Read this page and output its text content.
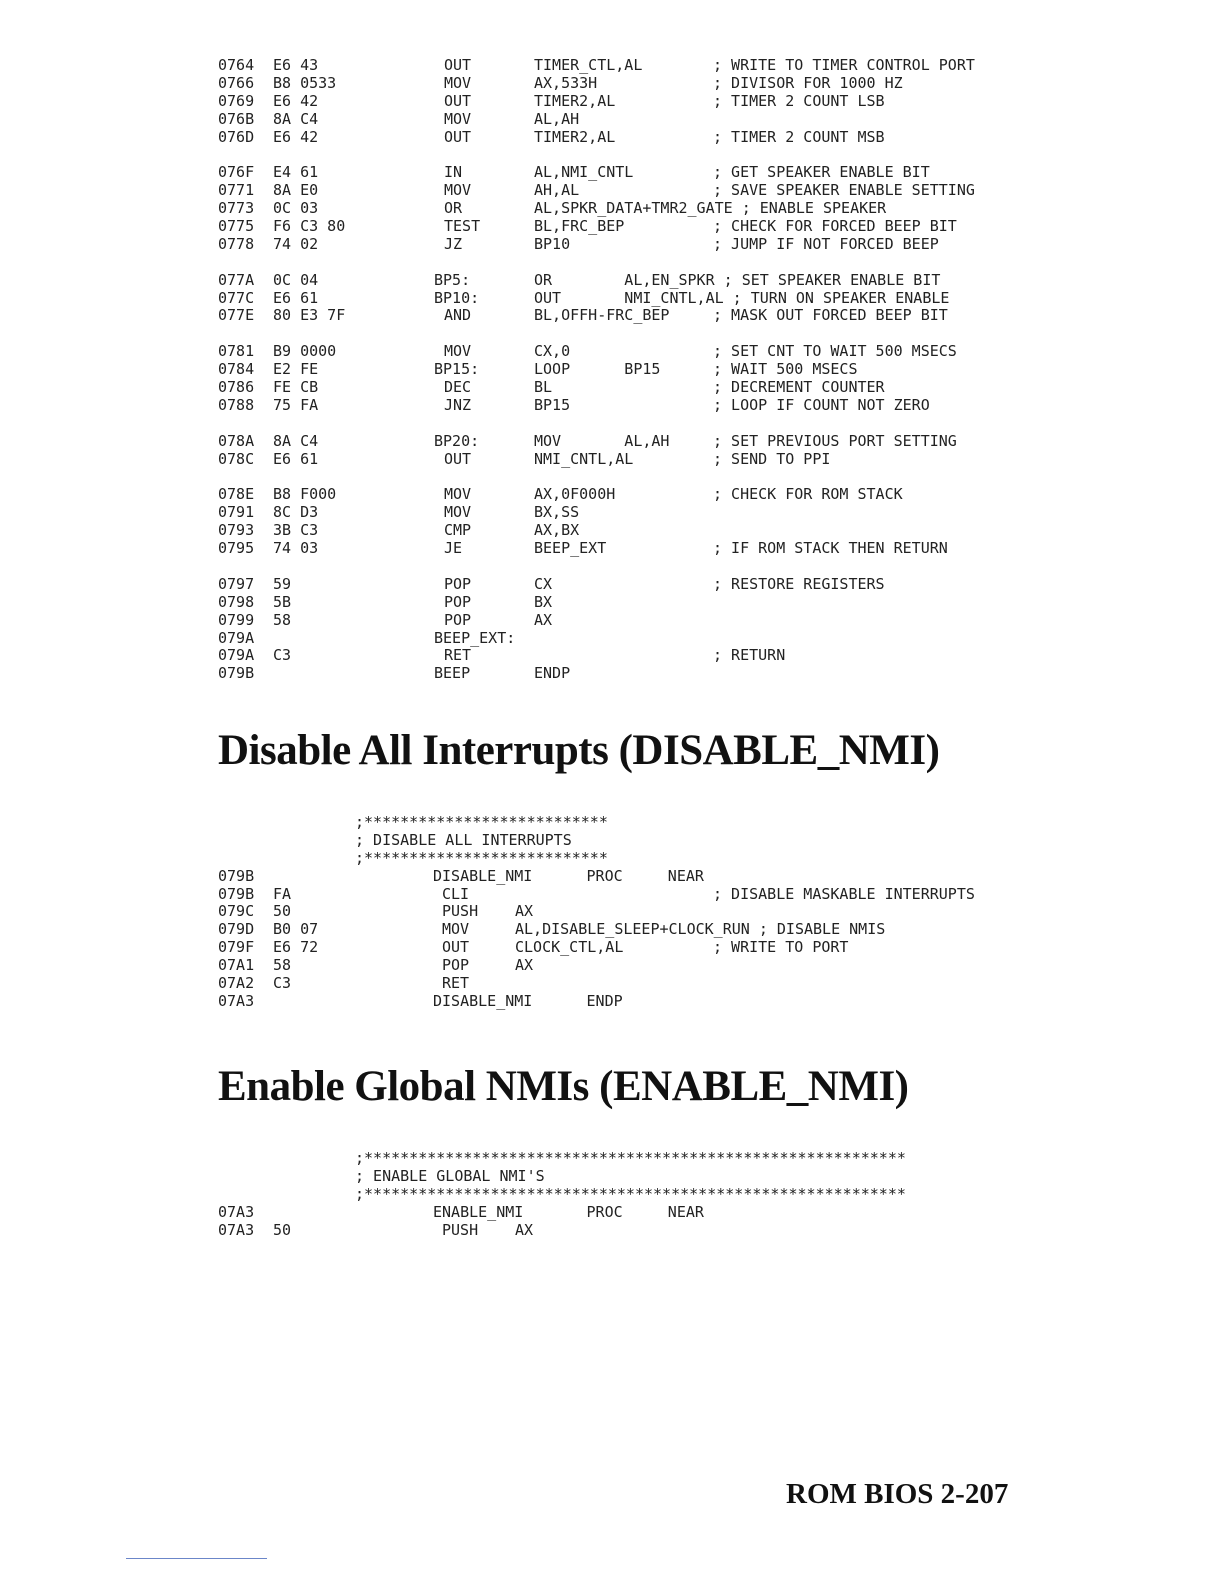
0764 E6 43	OUT	TIMER_CTL,AL	; WRITE TO TIMER CONTROL PORT
0766 B8 0533	MOV	AX,533H	; DIVISOR FOR 1000 HZ
0769 E6 42	OUT	TIMER2,AL	; TIMER 2 COUNT LSB
076B 8A C4	MOV	AL,AH
076D E6 42	OUT	TIMER2,AL	; TIMER 2 COUNT MSB
076F E4 61	IN	AL,NMI_CNTL	; GET SPEAKER ENABLE BIT
0771 8A E0	MOV	AH,AL	; SAVE SPEAKER ENABLE SETTING
0773 0C 03	OR	AL,SPKR_DATA+TMR2_GATE ; ENABLE SPEAKER
0775 F6 C3 80	TEST	BL,FRC_BEP	; CHECK FOR FORCED BEEP BIT
0778 74 02	JZ	BP10	; JUMP IF NOT FORCED BEEP
077A 0C 04	BP5:	OR        AL,EN_SPKR ; SET SPEAKER ENABLE BIT
077C E6 61	BP10:	OUT       NMI_CNTL,AL ; TURN ON SPEAKER ENABLE
077E 80 E3 7F	AND	BL,OFFH-FRC_BEP	; MASK OUT FORCED BEEP BIT
0781 B9 0000	MOV	CX,0	; SET CNT TO WAIT 500 MSECS
0784 E2 FE	BP15:	LOOP      BP15	; WAIT 500 MSECS
0786 FE CB	DEC	BL	; DECREMENT COUNTER
0788 75 FA	JNZ	BP15	; LOOP IF COUNT NOT ZERO
078A 8A C4	BP20:	MOV       AL,AH	; SET PREVIOUS PORT SETTING
078C E6 61	OUT	NMI_CNTL,AL	; SEND TO PPI
078E B8 F000	MOV	AX,0F000H	; CHECK FOR ROM STACK
0791 8C D3	MOV	BX,SS
0793 3B C3	CMP	AX,BX
0795 74 03	JE	BEEP_EXT	; IF ROM STACK THEN RETURN
0797 59	POP	CX	; RESTORE REGISTERS
0798 5B	POP	BX
0799 58	POP	AX
079A	BEEP_EXT:
079A C3	RET	; RETURN
079B	BEEP	ENDP
Disable All Interrupts (DISABLE_NMI)
;***************************
; DISABLE ALL INTERRUPTS
;***************************
079B	DISABLE_NMI      PROC     NEAR
079B FA	CLI	; DISABLE MASKABLE INTERRUPTS
079C 50	PUSH AX
079D B0 07	MOV	AL,DISABLE_SLEEP+CLOCK_RUN ; DISABLE NMIS
079F E6 72	OUT	CLOCK_CTL,AL	; WRITE TO PORT
07A1 58	POP	AX
07A2 C3	RET
07A3	DISABLE_NMI      ENDP
Enable Global NMIs (ENABLE_NMI)
;************************************************************
; ENABLE GLOBAL NMI'S
;************************************************************
07A3	ENABLE_NMI       PROC     NEAR
07A3 50	PUSH AX
ROM BIOS 2-207
